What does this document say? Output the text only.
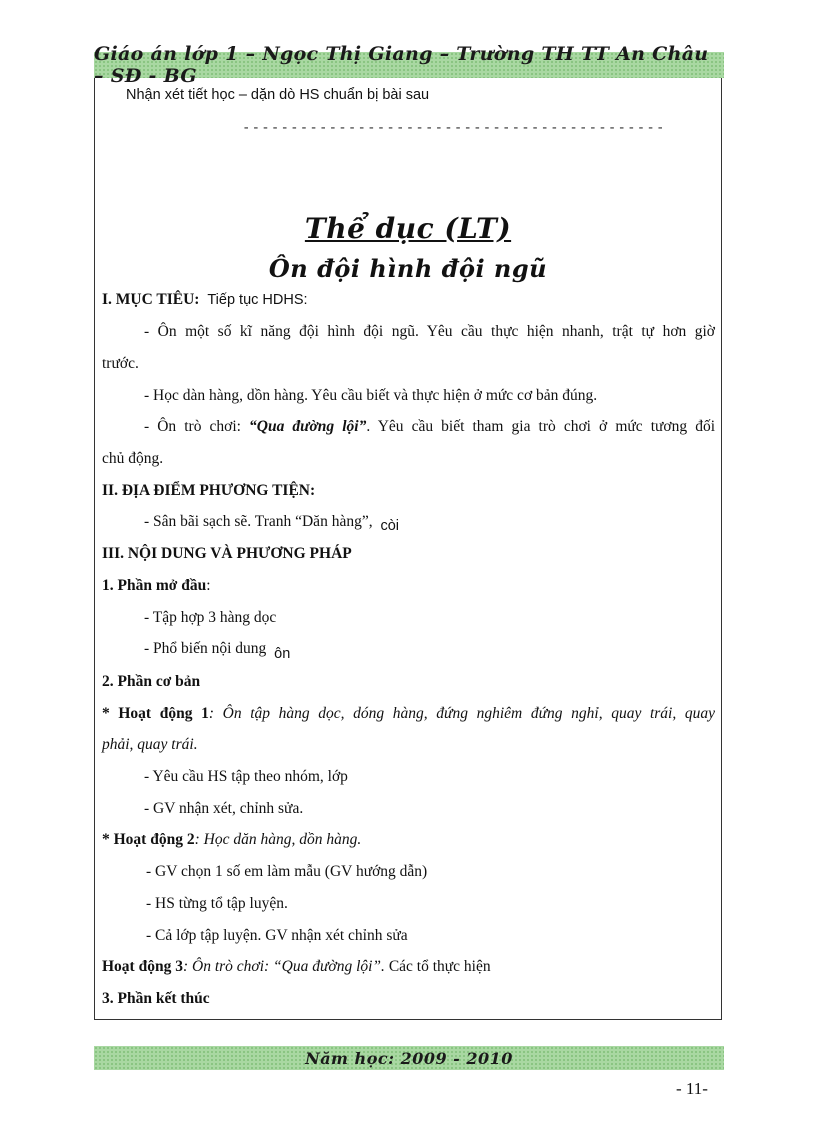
Giáo án lớp 1 – Ngọc Thị Giang – Trường TH TT An Châu – SĐ - BG
Nhận xét tiết học – dặn dò HS chuẩn bị bài sau
--------------------------------------------
Thể dục (LT)
Ôn đội hình đội ngũ
I. MỤC TIÊU: Tiếp tục HDHS:
- Ôn một số kĩ năng đội hình đội ngũ. Yêu cầu thực hiện nhanh, trật tự hơn giờ
trước.
- Học dàn hàng, dồn hàng. Yêu cầu biết và thực hiện ở mức cơ bản đúng.
- Ôn trò chơi: “Qua đường lội”. Yêu cầu biết tham gia trò chơi ở mức tương đối
chủ động.
II. ĐỊA ĐIỂM PHƯƠNG TIỆN:
- Sân bãi sạch sẽ. Tranh “Dăn hàng”, còi
III. NỘI DUNG VÀ PHƯƠNG PHÁP
1. Phần mở đầu:
- Tập hợp 3 hàng dọc
- Phổ biến nội dung ôn
2. Phần cơ bản
* Hoạt động 1: Ôn tập hàng dọc, dóng hàng, đứng nghiêm đứng nghỉ, quay trái, quay
phải, quay trái.
- Yêu cầu HS tập theo nhóm, lớp
- GV nhận xét, chỉnh sửa.
* Hoạt động 2: Học dăn hàng, dồn hàng.
- GV chọn 1 số em làm mẫu (GV hướng dẫn)
- HS từng tổ tập luyện.
- Cả lớp tập luyện. GV nhận xét chỉnh sửa
Hoạt động 3: Ôn trò chơi: “Qua đường lội”. Các tổ thực hiện
3. Phần kết thúc
Năm học: 2009 - 2010
- 11-
